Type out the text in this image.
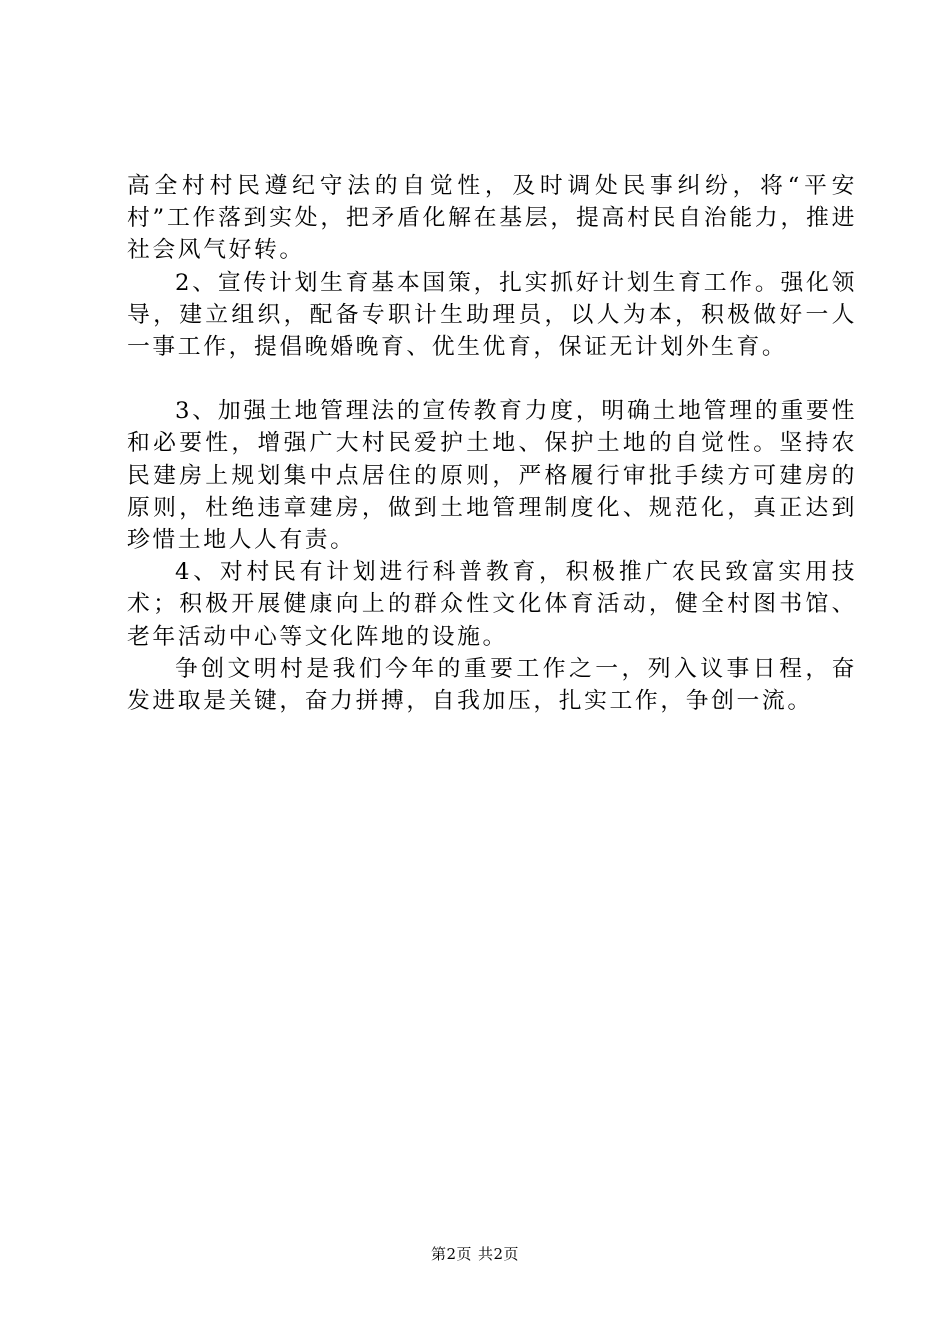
高全村村民遵纪守法的自觉性，及时调处民事纠纷，将“平安村”工作落到实处，把矛盾化解在基层，提高村民自治能力，推进社会风气好转。

2、宣传计划生育基本国策，扎实抓好计划生育工作。强化领导，建立组织，配备专职计生助理员，以人为本，积极做好一人一事工作，提倡晚婚晚育、优生优育，保证无计划外生育。

3、加强土地管理法的宣传教育力度，明确土地管理的重要性和必要性，增强广大村民爱护土地、保护土地的自觉性。坚持农民建房上规划集中点居住的原则，严格履行审批手续方可建房的原则，杜绝违章建房，做到土地管理制度化、规范化，真正达到珍惜土地人人有责。

4、对村民有计划进行科普教育，积极推广农民致富实用技术；积极开展健康向上的群众性文化体育活动，健全村图书馆、老年活动中心等文化阵地的设施。

争创文明村是我们今年的重要工作之一，列入议事日程，奋发进取是关键，奋力拼搏，自我加压，扎实工作，争创一流。

第2页 共2页
